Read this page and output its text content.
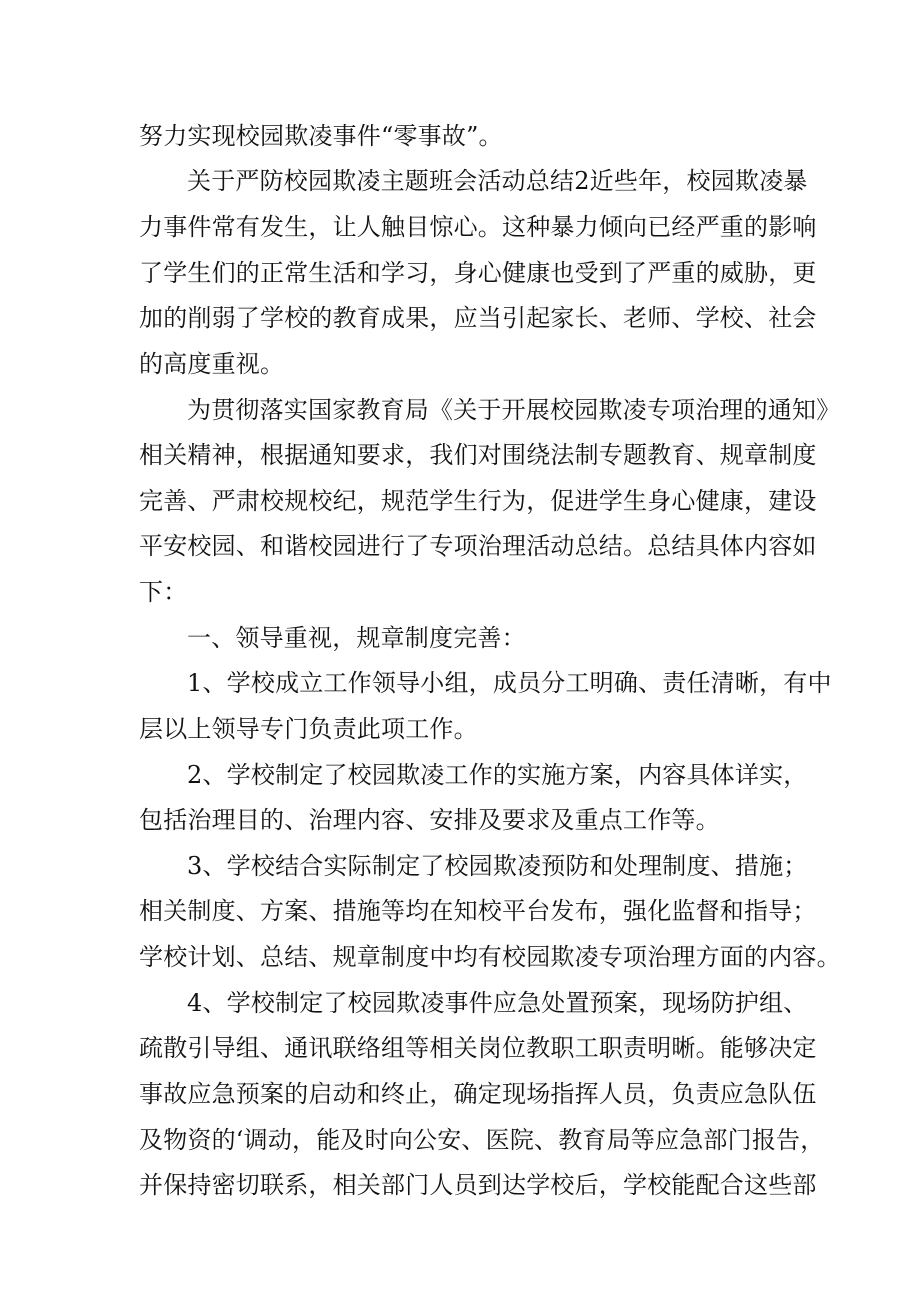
努力实现校园欺凌事件“零事故”。
关于严防校园欺凌主题班会活动总结2近些年，校园欺凌暴
力事件常有发生，让人触目惊心。这种暴力倾向已经严重的影响
了学生们的正常生活和学习，身心健康也受到了严重的威胁，更
加的削弱了学校的教育成果，应当引起家长、老师、学校、社会
的高度重视。
为贯彻落实国家教育局《关于开展校园欺凌专项治理的通知》
相关精神，根据通知要求，我们对围绕法制专题教育、规章制度
完善、严肃校规校纪，规范学生行为，促进学生身心健康，建设
平安校园、和谐校园进行了专项治理活动总结。总结具体内容如
下：
一、领导重视，规章制度完善：
1、学校成立工作领导小组，成员分工明确、责任清晰，有中
层以上领导专门负责此项工作。
2、学校制定了校园欺凌工作的实施方案，内容具体详实，
包括治理目的、治理内容、安排及要求及重点工作等。
3、学校结合实际制定了校园欺凌预防和处理制度、措施；
相关制度、方案、措施等均在知校平台发布，强化监督和指导；
学校计划、总结、规章制度中均有校园欺凌专项治理方面的内容。
4、学校制定了校园欺凌事件应急处置预案，现场防护组、
疏散引导组、通讯联络组等相关岗位教职工职责明晰。能够决定
事故应急预案的启动和终止，确定现场指挥人员，负责应急队伍
及物资的‘调动，能及时向公安、医院、教育局等应急部门报告，
并保持密切联系，相关部门人员到达学校后，学校能配合这些部
